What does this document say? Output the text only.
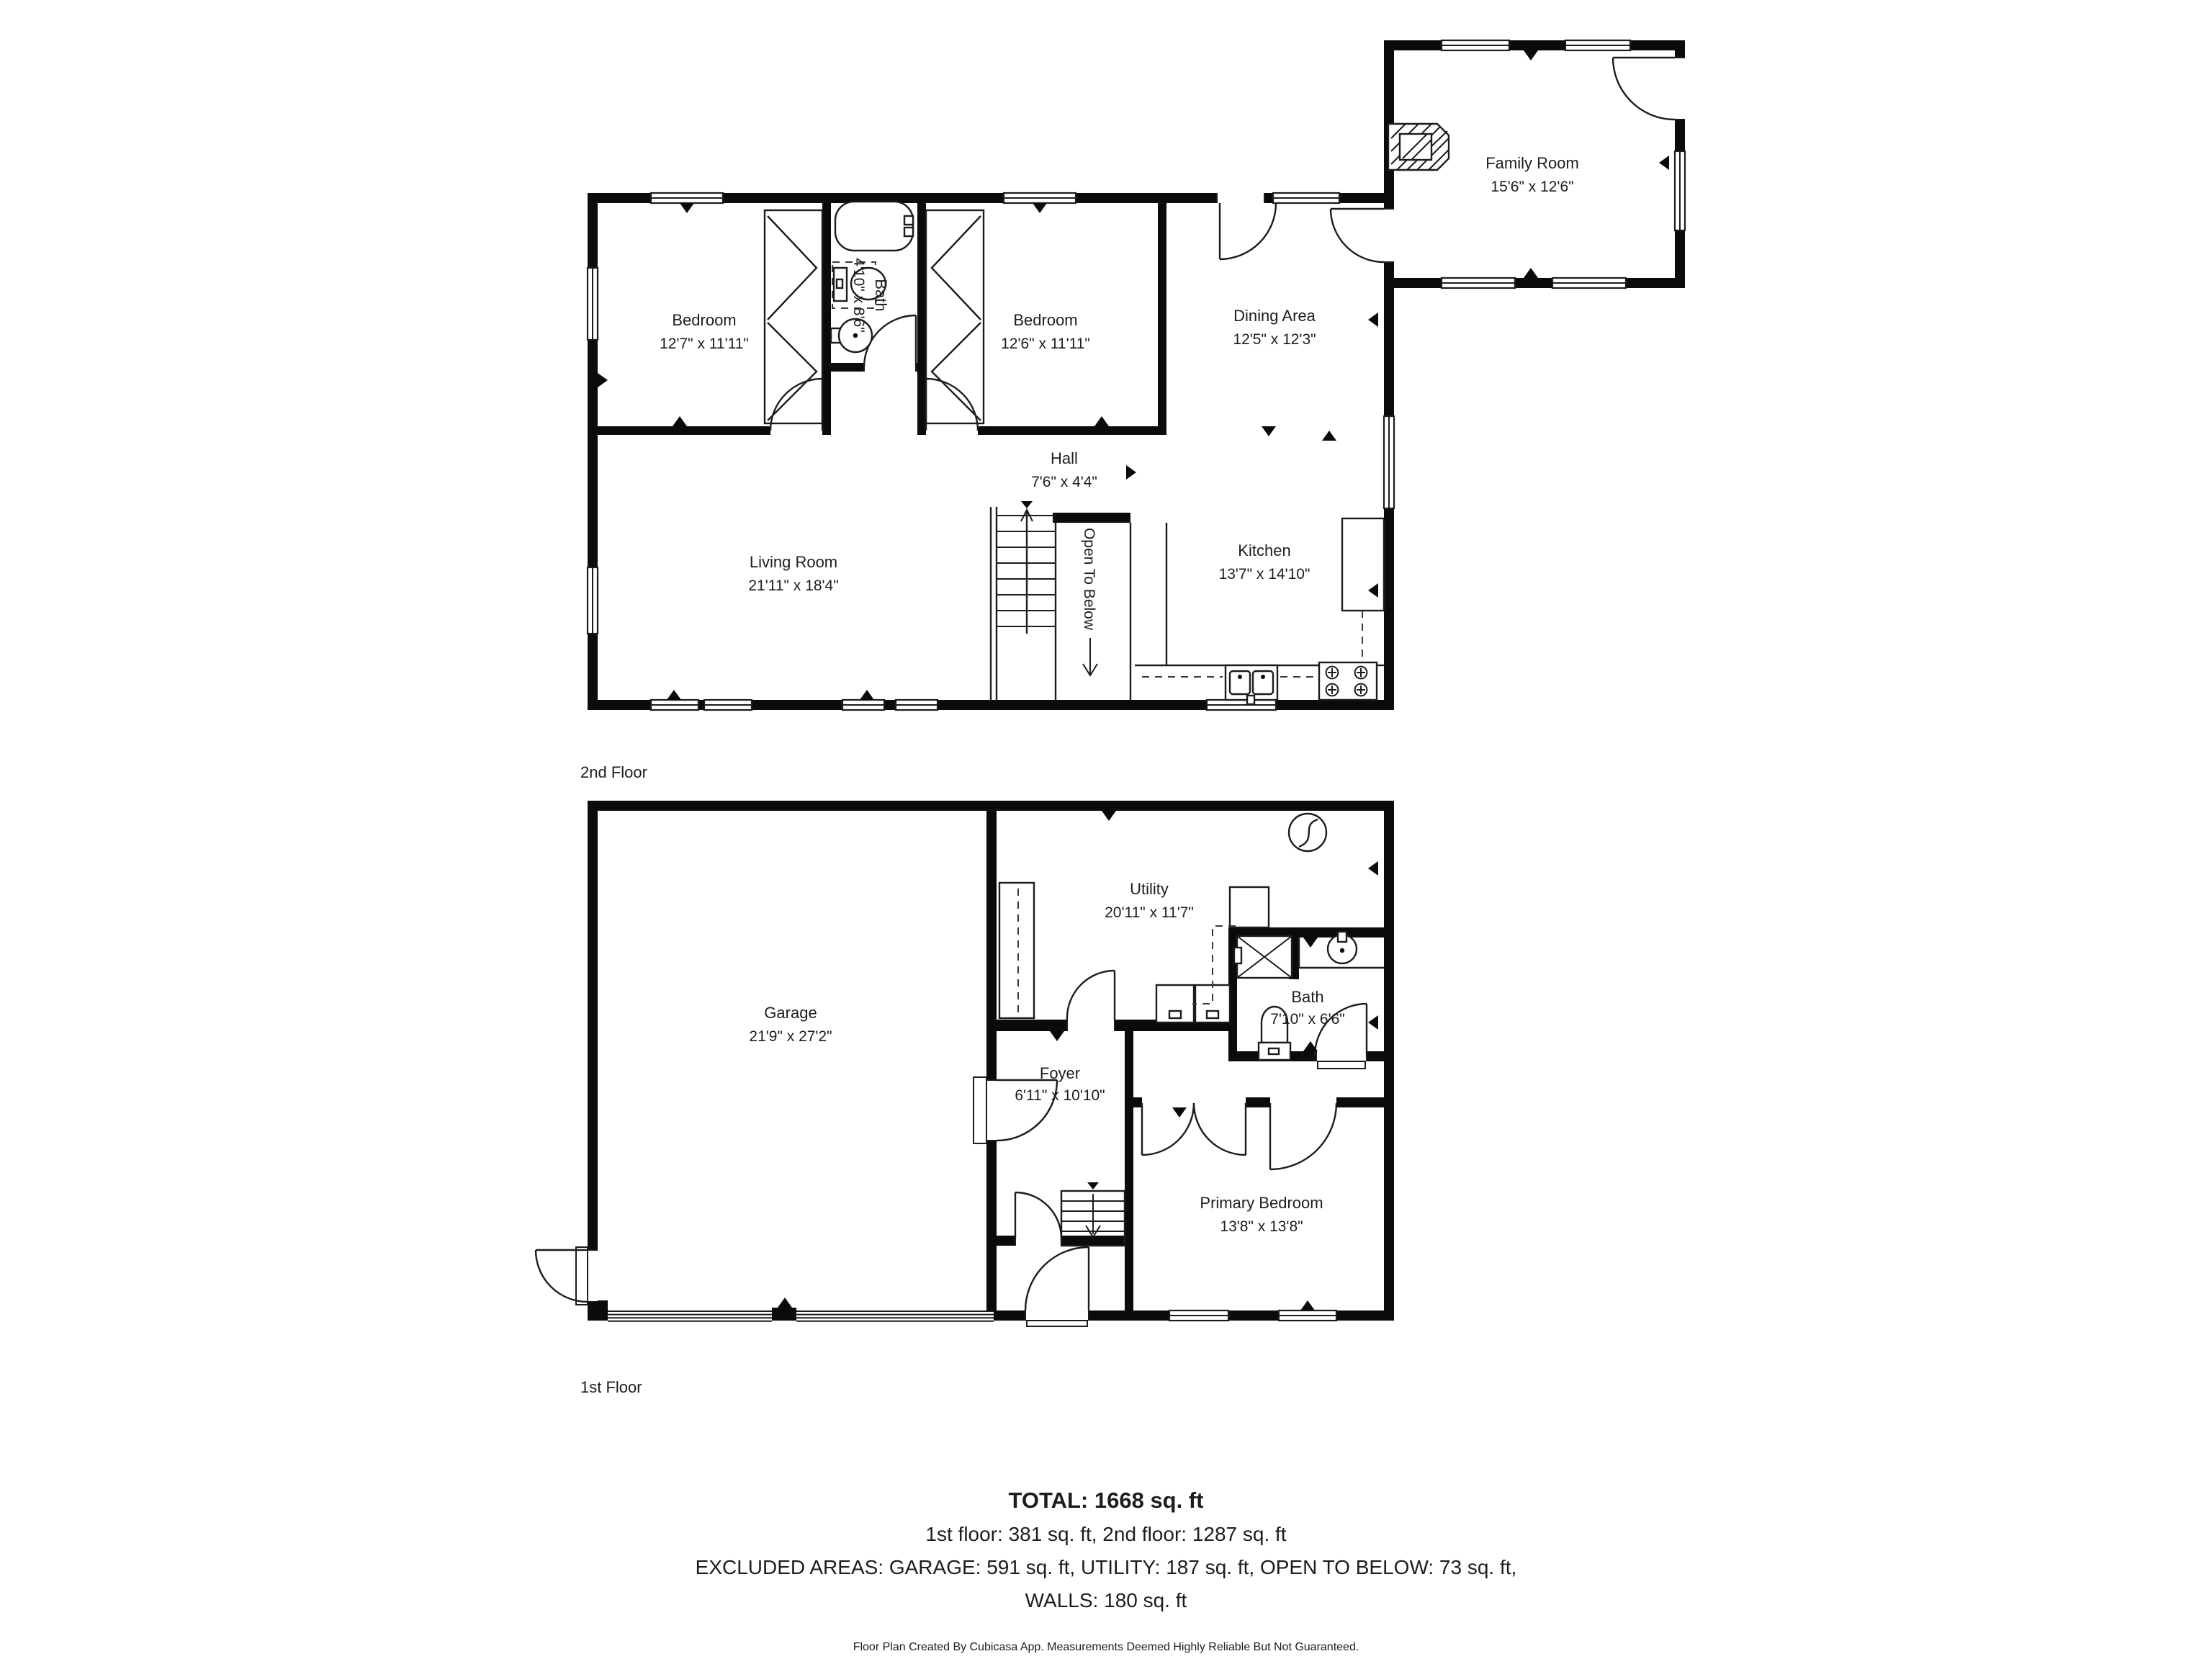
Family Room
15'6" x 12'6"
Bedroom
12'7" x 11'11"
Bath
4'10" x 8'6"	Bedroom
12'6" x 11'11"
Dining Area
12'5" x 12'3"
Hall
7'6" x 4'4"
Living Room
21'11" x 18'4"
Kitchen
13'7" x 14'10"
Open To Below
2nd Floor
Utility
20'11" x 11'7"
Bath
7'10" x 6'6"
Foyer
6'11" x 10'10"
Garage
21'9" x 27'2"
Primary Bedroom
13'8" x 13'8"
1st Floor
TOTAL: 1668 sq. ft
1st floor: 381 sq. ft, 2nd floor: 1287 sq. ft
EXCLUDED AREAS: GARAGE: 591 sq. ft, UTILITY: 187 sq. ft, OPEN TO BELOW: 73 sq. ft,
WALLS: 180 sq. ft
Floor Plan Created By Cubicasa App. Measurements Deemed Highly Reliable But Not Guaranteed.
